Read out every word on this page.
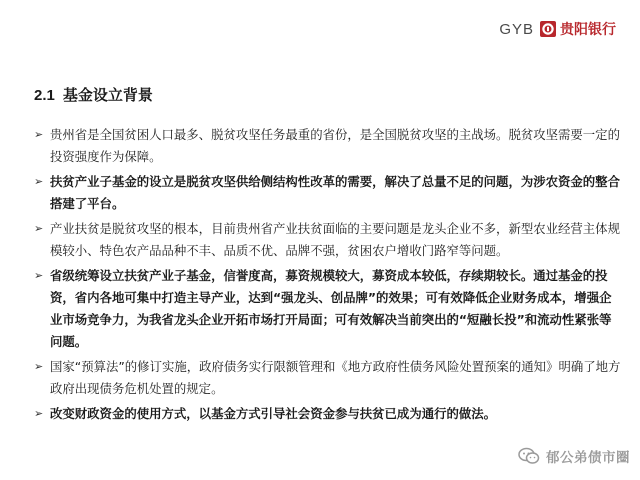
GYB 贵阳银行
2.1 基金设立背景
➢ 贵州省是全国贫困人口最多、脱贫攻坚任务最重的省份，是全国脱贫攻坚的主战场。脱贫攻坚需要一定的投资强度作为保障。
➢ 扶贫产业子基金的设立是脱贫攻坚供给侧结构性改革的需要，解决了总量不足的问题，为涉农资金的整合搭建了平台。
➢ 产业扶贫是脱贫攻坚的根本，目前贵州省产业扶贫面临的主要问题是龙头企业不多，新型农业经营主体规模较小、特色农产品品种不丰、品质不优、品牌不强，贫困农户增收门路窄等问题。
➢ 省级统筹设立扶贫产业子基金，信誉度高，募资规模较大，募资成本较低，存续期较长。通过基金的投资，省内各地可集中打造主导产业，达到“强龙头、创品牌”的效果；可有效降低企业财务成本，增强企业市场竞争力，为我省龙头企业开拓市场打开局面；可有效解决当前突出的“短融长投”和流动性紧张等问题。
➢ 国家“预算法”的修订实施，政府债务实行限额管理和《地方政府性债务风险处置预案的通知》明确了地方政府出现债务危机处置的规定。
➢ 改变财政资金的使用方式，以基金方式引导社会资金参与扶贫已成为通行的做法。
郁公弟债市圈
